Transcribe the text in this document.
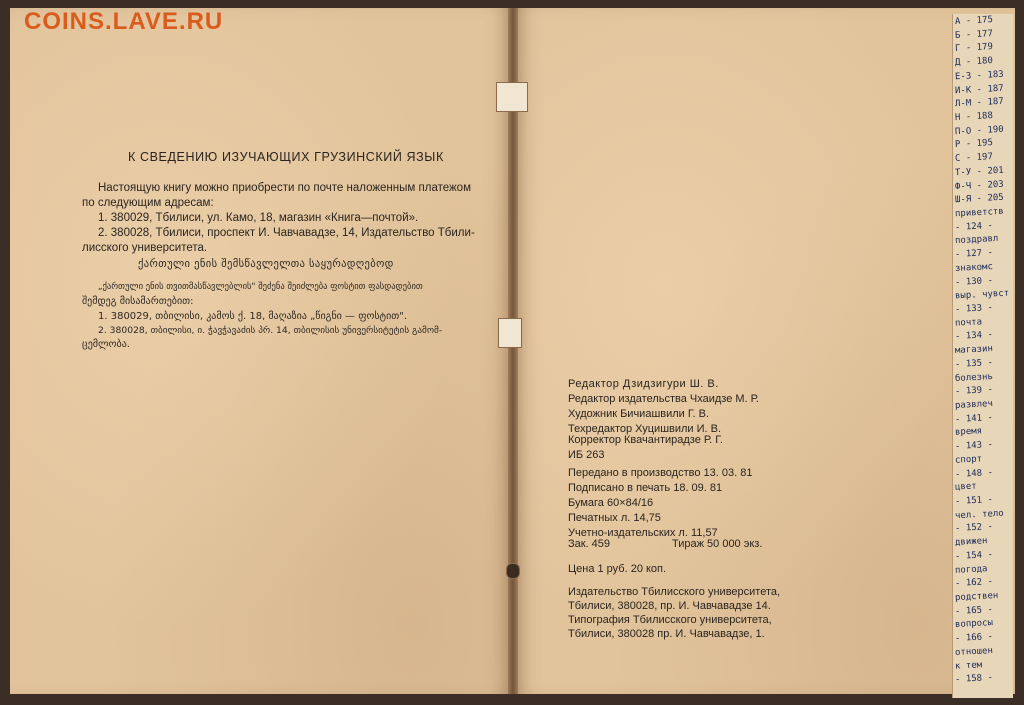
COINS.LAVE.RU
К СВЕДЕНИЮ ИЗУЧАЮЩИХ ГРУЗИНСКИЙ ЯЗЫК
Настоящую книгу можно приобрести по почте наложенным платежом
по следующим адресам:
1. 380029, Тбилиси, ул. Камо, 18, магазин «Книга—почтой».
2. 380028, Тбилиси, проспект И. Чавчавадзе, 14, Издательство Тбили-
лисского университета.
ქართული ენის შემსწავლელთა საყურადღებოდ
„ქართული ენის თვითმასწავლებლის" შეძენა შეიძლება ფოსტით ფასდადებით
შემდეგ მისამართებით:
1. 380029, თბილისი, კამოს ქ. 18, მაღაზია „წიგნი — ფოსტით".
2. 380028, თბილისი, ი. ჭავჭავაძის პრ. 14, თბილისის უნივერსიტეტის გამომ-
ცემლობა.
Редактор Дзидзигури Ш. В.
Редактор издательства Чхаидзе М. Р.
Художник Бичиашвили Г. В.
Техредактор Хуцишвили И. В.
Корректор Квачантирадзе Р. Г.
ИБ 263
Передано в производство 13. 03. 81
Подписано в печать 18. 09. 81
Бумага 60×84/16
Печатных л. 14,75
Учетно-издательских л. 11,57
Зак. 459	Тираж 50 000 экз.
Цена 1 руб. 20 коп.
Издательство Тбилисского университета,
Тбилиси, 380028, пр. И. Чавчавадзе 14.
Типография Тбилисского университета,
Тбилиси, 380028 пр. И. Чавчавадзе, 1.
А - 175
Б - 177
Г - 179
Д - 180
Е-З - 183
И-К - 187
Л-М - 187
Н - 188
П-О - 190
Р - 195
С - 197
Т-У - 201
Ф-Ч - 203
Ш-Я - 205
приветств
- 124 -
поздравл
- 127 -
знакомс
- 130 -
выр. чувст
- 133 -
почта
- 134 -
магазин
- 135 -
болезнь
- 139 -
развлеч
- 141 -
время
- 143 -
спорт
- 148 -
цвет
- 151 -
чел. тело
- 152 -
движен
- 154 -
погода
- 162 -
родствен
- 165 -
вопросы
- 166 -
отношен
к тем
- 158 -
